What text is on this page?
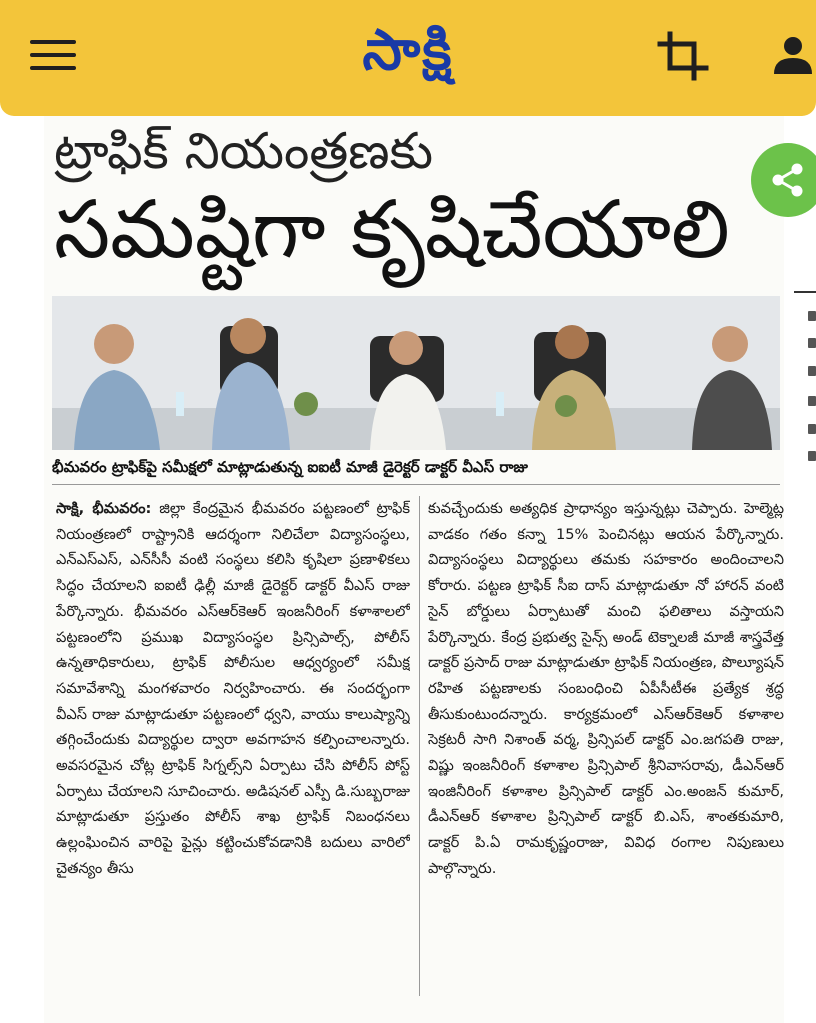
సాక్షి
ట్రాఫిక్ నియంత్రణకు
సమష్టిగా కృషిచేయాలి
భీమవరం ట్రాఫిక్‌పై సమీక్షలో మాట్లాడుతున్న ఐఐటీ మాజీ డైరెక్టర్ డాక్టర్ వీఎస్ రాజు

సాక్షి, భీమవరం: జిల్లా కేంద్రమైన భీమవరం పట్టణంలో ట్రాఫిక్ నియంత్రణలో రాష్ట్రానికి ఆదర్శంగా నిలిచేలా విద్యాసంస్థలు, ఎన్‌ఎస్‌ఎస్, ఎన్‌సీసీ వంటి సంస్థలు కలిసి కృషిలా ప్రణాళికలు సిద్ధం చేయాలని ఐఐటీ ఢిల్లీ మాజీ డైరెక్టర్ డాక్టర్ వీఎస్ రాజు పేర్కొన్నారు. భీమవరం ఎస్‌ఆర్‌కెఆర్ ఇంజనీరింగ్ కళాశాలలో పట్టణంలోని ప్రముఖ విద్యాసంస్థల ప్రిన్సిపాల్స్, పోలీస్ ఉన్నతాధికారులు, ట్రాఫిక్ పోలీసుల ఆధ్వర్యంలో సమీక్ష సమావేశాన్ని మంగళవారం నిర్వహించారు. ఈ సందర్భంగా వీఎస్ రాజు మాట్లాడుతూ పట్టణంలో ధ్వని, వాయు కాలుష్యాన్ని తగ్గించేందుకు విద్యార్థుల ద్వారా అవగాహన కల్పించాలన్నారు. అవసరమైన చోట్ల ట్రాఫిక్ సిగ్నల్స్‌ని ఏర్పాటు చేసి పోలీస్ పోస్ట్ ఏర్పాటు చేయాలని సూచించారు. అడిషనల్ ఎస్పీ డి.సుబ్బరాజు మాట్లాడుతూ ప్రస్తుతం పోలీస్ శాఖ ట్రాఫిక్ నిబంధనలు ఉల్లంఘించిన వారిపై ఫైన్లు కట్టించుకోవడానికి బదులు వారిలో చైతన్యం తీసు

కువచ్చేందుకు అత్యధిక ప్రాధాన్యం ఇస్తున్నట్లు చెప్పారు. హెల్మెట్ల వాడకం గతం కన్నా 15% పెంచినట్లు ఆయన పేర్కొన్నారు. విద్యాసంస్థలు విద్యార్థులు తమకు సహకారం అందించాలని కోరారు. పట్టణ ట్రాఫిక్ సీఐ దాస్ మాట్లాడుతూ నో హారన్ వంటి సైన్ బోర్డులు ఏర్పాటుతో మంచి ఫలితాలు వస్తాయని పేర్కొన్నారు. కేంద్ర ప్రభుత్వ సైన్స్ అండ్ టెక్నాలజీ మాజీ శాస్త్రవేత్త డాక్టర్ ప్రసాద్ రాజు మాట్లాడుతూ ట్రాఫిక్ నియంత్రణ, పొల్యూషన్ రహిత పట్టణాలకు సంబంధించి ఏపీసీటీఈ ప్రత్యేక శ్రద్ధ తీసుకుంటుందన్నారు. కార్యక్రమంలో ఎస్‌ఆర్‌కెఆర్ కళాశాల సెక్రటరీ సాగి నిశాంత్ వర్మ, ప్రిన్సిపల్ డాక్టర్ ఎం.జగపతి రాజు, విష్ణు ఇంజనీరింగ్ కళాశాల ప్రిన్సిపాల్ శ్రీనివాసరావు, డీఎన్‌ఆర్ ఇంజినీరింగ్ కళాశాల ప్రిన్సిపాల్ డాక్టర్ ఎం.అంజన్ కుమార్, డీఎన్‌ఆర్ కళాశాల ప్రిన్సిపాల్ డాక్టర్ బి.ఎస్, శాంతకుమారి, డాక్టర్ పి.ఏ రామకృష్ణంరాజు, వివిధ రంగాల నిపుణులు పాల్గొన్నారు.
